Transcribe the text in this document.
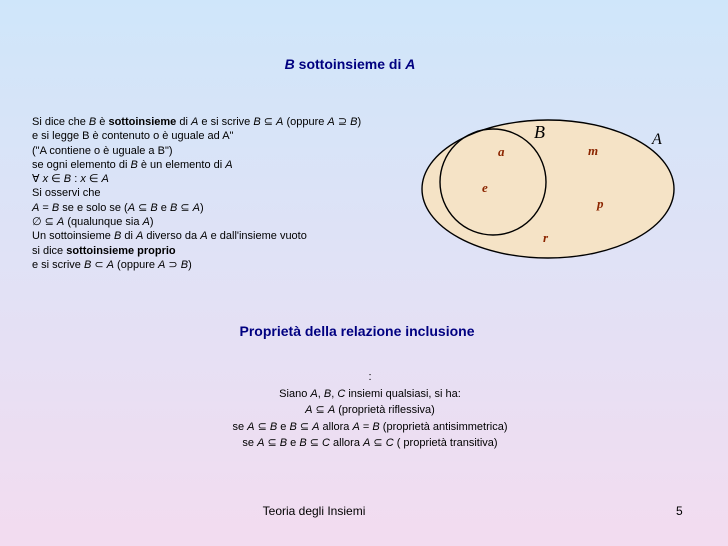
B sottoinsieme di A
Si dice che B è sottoinsieme di A e si scrive B ⊆ A (oppure A ⊇ B)
e si legge B è contenuto o è uguale ad A"
("A contiene o è uguale a B")
se ogni elemento di B è un elemento di A
∀ x ∈ B : x ∈ A
Si osservi che
A = B se e solo se (A ⊆ B e B ⊆ A)
∅ ⊆ A (qualunque sia A)
Un sottoinsieme B di A diverso da A e dall'insieme vuoto
si dice sottoinsieme proprio
e si scrive B ⊂ A (oppure A ⊃ B)
B	A
a
e
m
p
r
Proprietà della relazione inclusione
:
Siano A, B, C insiemi qualsiasi, si ha:
A ⊆ A (proprietà riflessiva)
se A ⊆ B e B ⊆ A allora A = B (proprietà antisimmetrica)
se A ⊆ B e B ⊆ C allora A ⊆ C ( proprietà transitiva)
Teoria degli Insiemi	5
